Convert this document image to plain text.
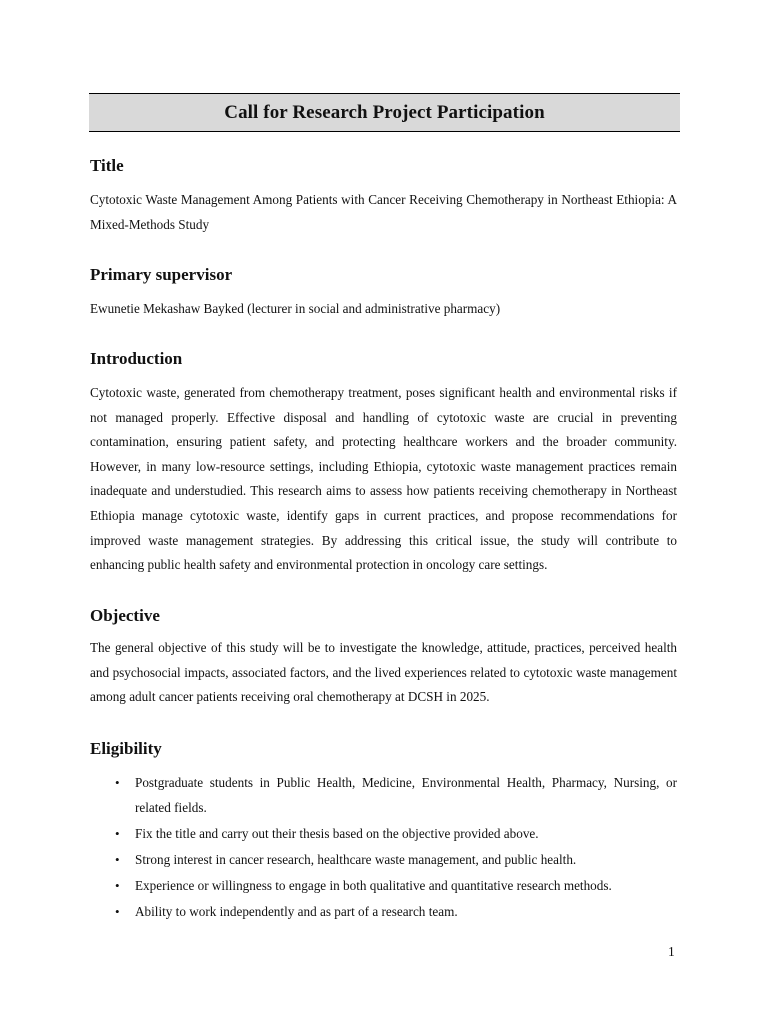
Call for Research Project Participation
Title

Cytotoxic Waste Management Among Patients with Cancer Receiving Chemotherapy in Northeast Ethiopia: A Mixed-Methods Study

Primary supervisor

Ewunetie Mekashaw Bayked (lecturer in social and administrative pharmacy)

Introduction

Cytotoxic waste, generated from chemotherapy treatment, poses significant health and environmental risks if not managed properly. Effective disposal and handling of cytotoxic waste are crucial in preventing contamination, ensuring patient safety, and protecting healthcare workers and the broader community. However, in many low-resource settings, including Ethiopia, cytotoxic waste management practices remain inadequate and understudied. This research aims to assess how patients receiving chemotherapy in Northeast Ethiopia manage cytotoxic waste, identify gaps in current practices, and propose recommendations for improved waste management strategies. By addressing this critical issue, the study will contribute to enhancing public health safety and environmental protection in oncology care settings.

Objective

The general objective of this study will be to investigate the knowledge, attitude, practices, perceived health and psychosocial impacts, associated factors, and the lived experiences related to cytotoxic waste management among adult cancer patients receiving oral chemotherapy at DCSH in 2025.

Eligibility
• Postgraduate students in Public Health, Medicine, Environmental Health, Pharmacy, Nursing, or related fields.
• Fix the title and carry out their thesis based on the objective provided above.
• Strong interest in cancer research, healthcare waste management, and public health.
• Experience or willingness to engage in both qualitative and quantitative research methods.
• Ability to work independently and as part of a research team.
1
